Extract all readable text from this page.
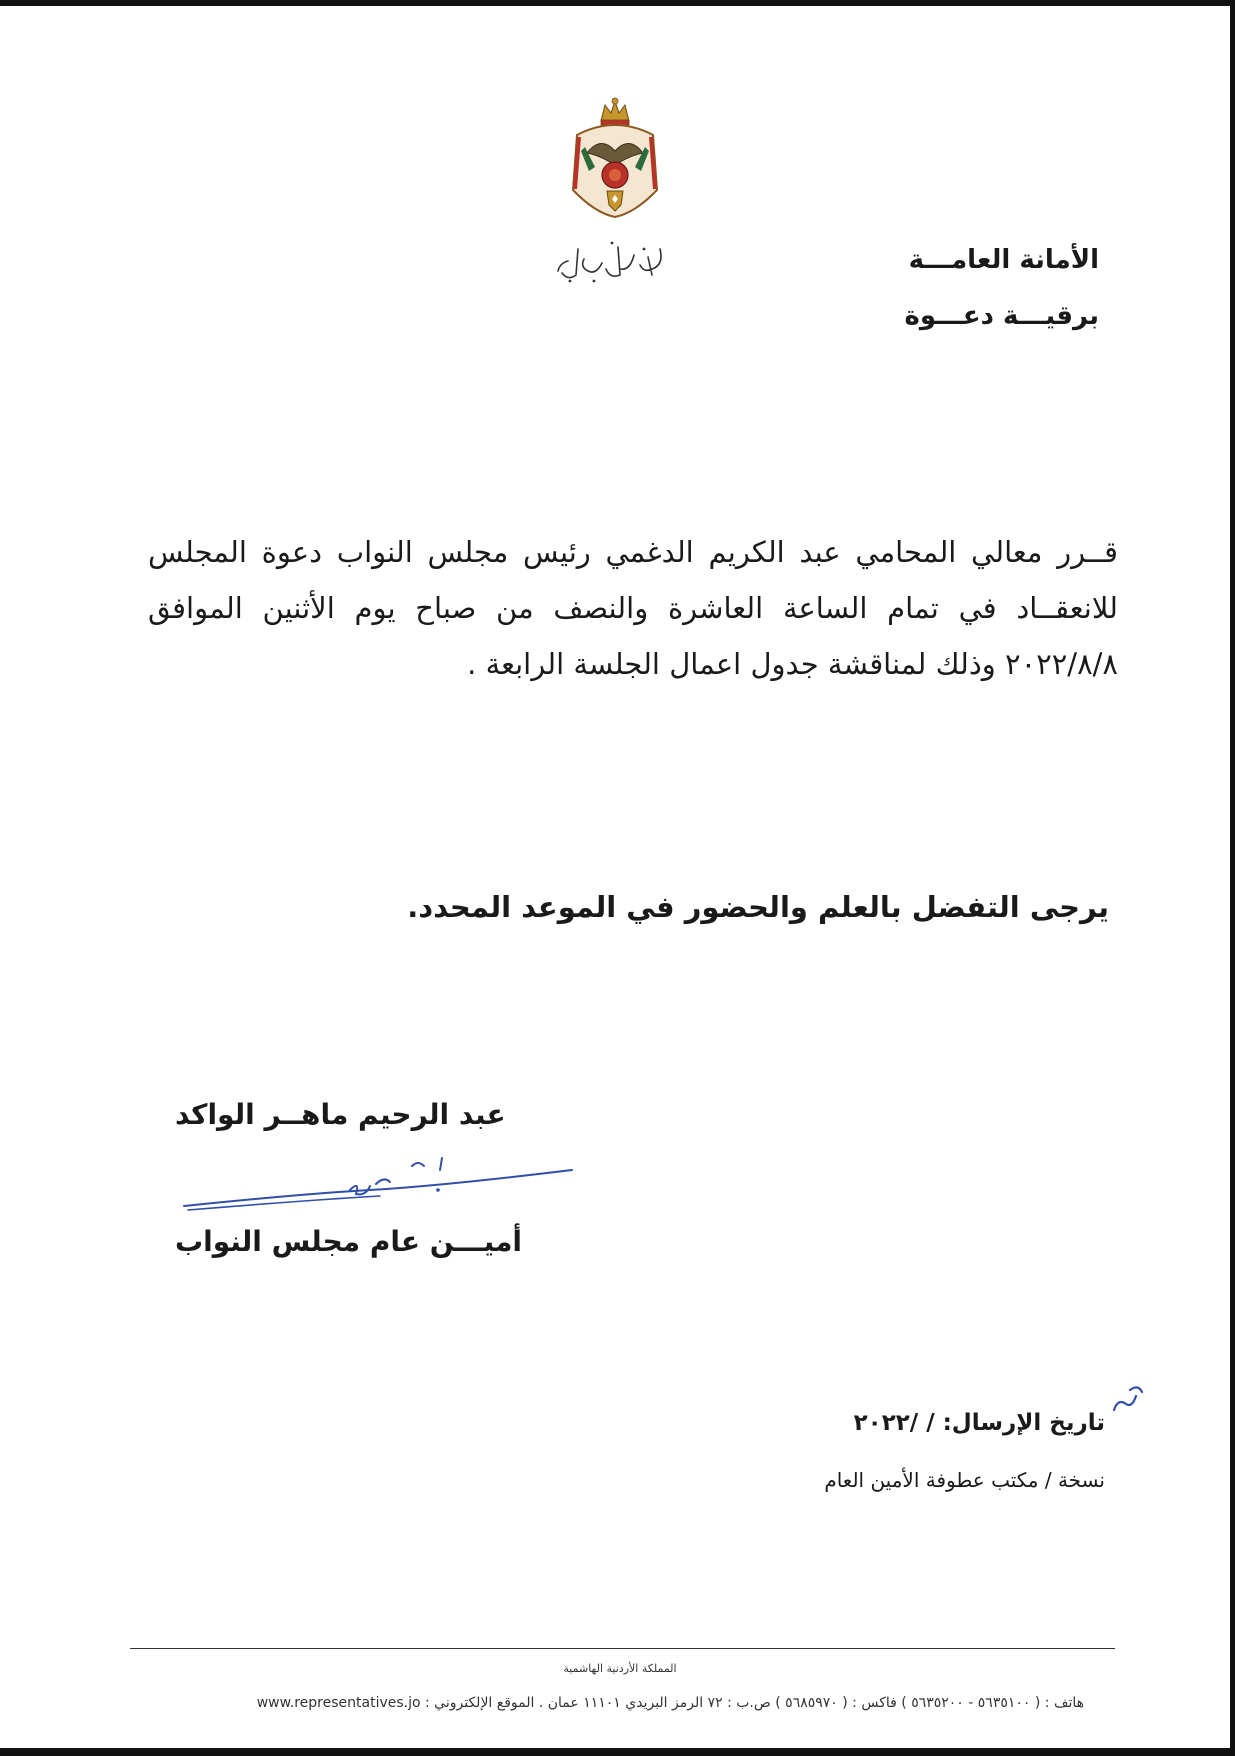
الأمانة العامـــة

برقيـــة دعـــوة

قــرر معالي المحامي عبد الكريم الدغمي رئيس مجلس النواب دعوة المجلس للانعقــاد في تمام الساعة العاشرة والنصف من صباح يوم الأثنين الموافق ٢٠٢٢/٨/٨ وذلك لمناقشة جدول اعمال الجلسة الرابعة .
يرجى التفضل بالعلم والحضور في الموعد المحدد.
عبد الرحيم ماهــر الواكد
أميـــن عام مجلس النواب
تاريخ الإرسال: / /٢٠٢٢
نسخة / مكتب عطوفة الأمين العام
المملكة الأردنية الهاشمية
هاتف : ( ٥٦٣٥١٠٠ - ٥٦٣٥٢٠٠ ) فاكس : ( ٥٦٨٥٩٧٠ ) ص.ب : ٧٢ الرمز البريدي ١١١٠١ عمان . الموقع الإلكتروني : www.representatives.jo
